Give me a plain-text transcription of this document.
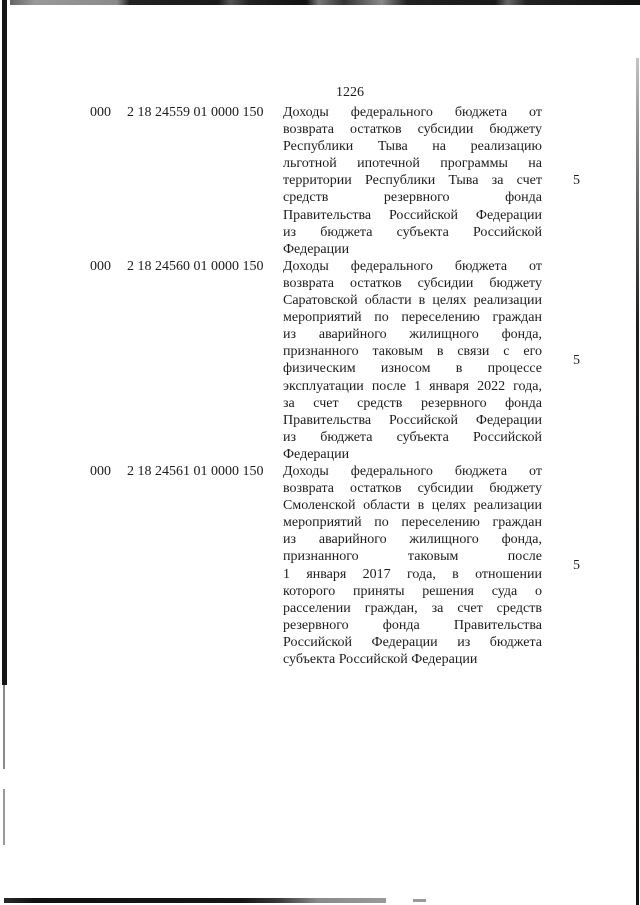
1226
000	2 18 24559 01 0000 150	Доходы федерального бюджета от
возврата остатков субсидии бюджету
Республики Тыва на реализацию
льготной ипотечной программы на
территории Республики Тыва за счет
средств резервного фонда
Правительства Российской Федерации
из бюджета субъекта Российской
Федерации
5
000	2 18 24560 01 0000 150	Доходы федерального бюджета от
возврата остатков субсидии бюджету
Саратовской области в целях реализации
мероприятий по переселению граждан
из аварийного жилищного фонда,
признанного таковым в связи с его
физическим износом в процессе
эксплуатации после 1 января 2022 года,
за счет средств резервного фонда
Правительства Российской Федерации
из бюджета субъекта Российской
Федерации
5
000	2 18 24561 01 0000 150	Доходы федерального бюджета от
возврата остатков субсидии бюджету
Смоленской области в целях реализации
мероприятий по переселению граждан
из аварийного жилищного фонда,
признанного таковым после
1 января 2017 года, в отношении
которого приняты решения суда о
расселении граждан, за счет средств
резервного фонда Правительства
Российской Федерации из бюджета
субъекта Российской Федерации
5
